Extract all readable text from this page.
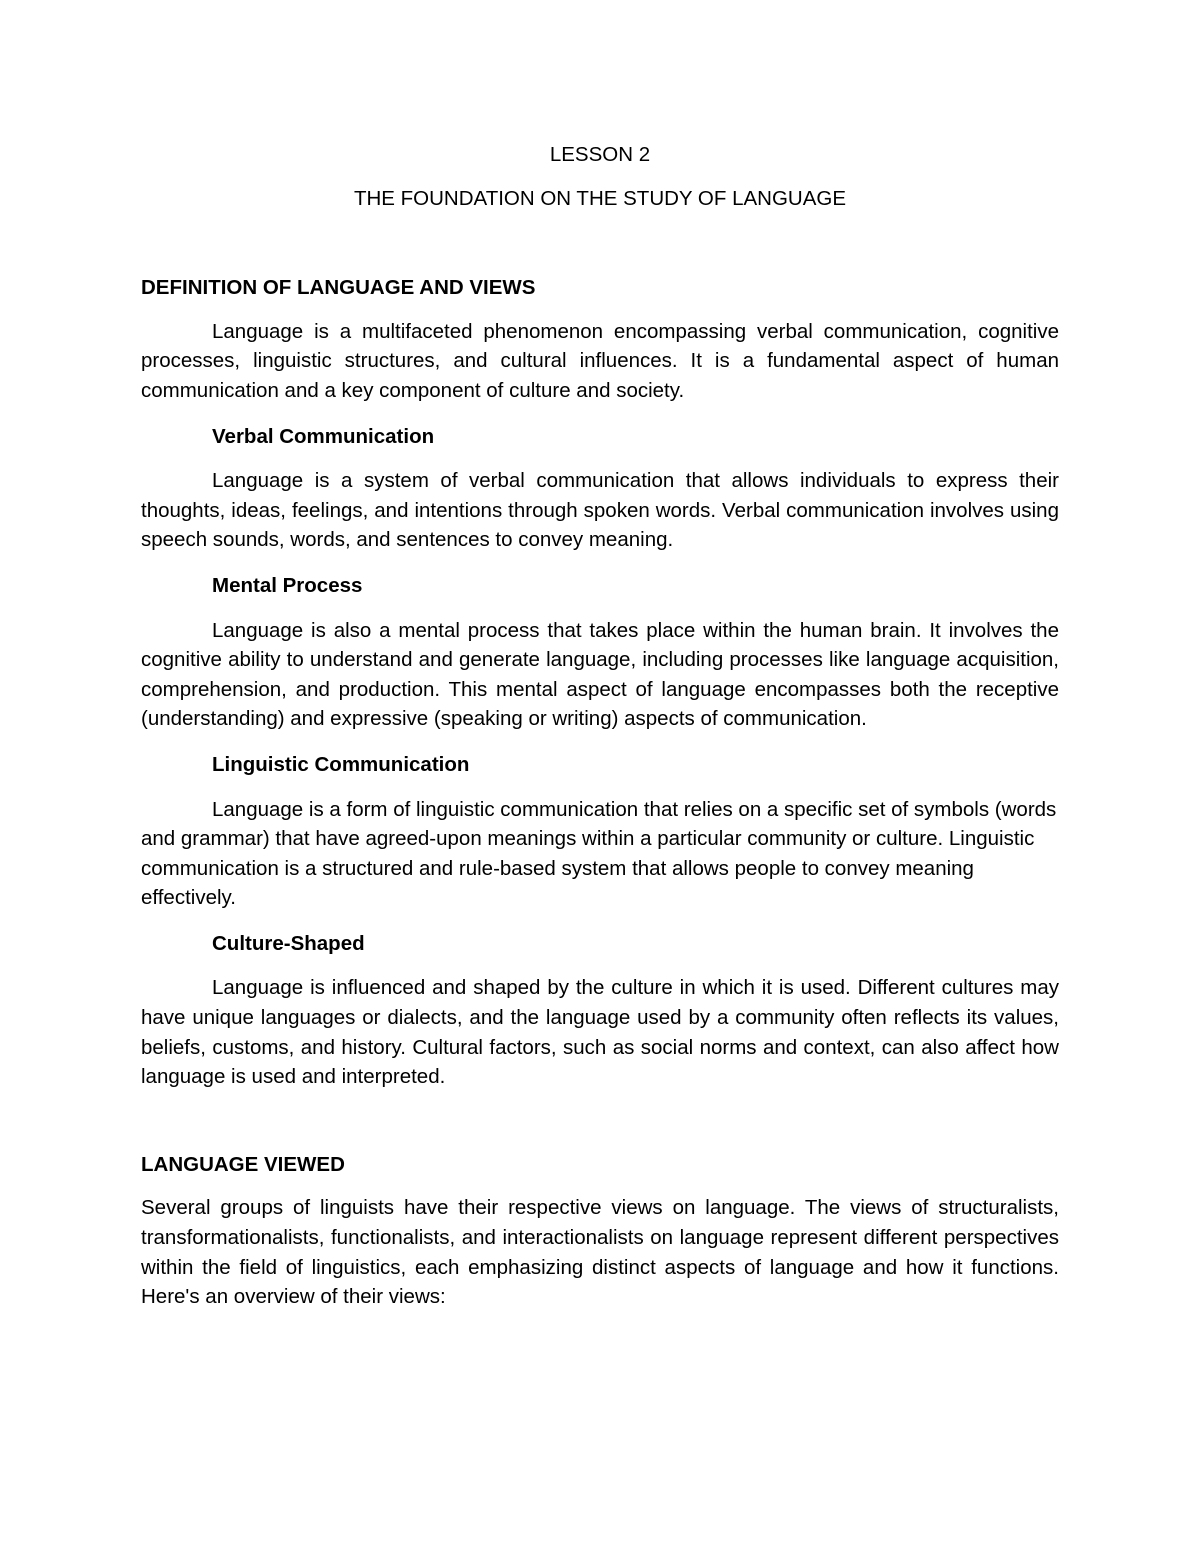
LESSON 2

THE FOUNDATION ON THE STUDY OF LANGUAGE

DEFINITION OF LANGUAGE AND VIEWS

Language is a multifaceted phenomenon encompassing verbal communication, cognitive processes, linguistic structures, and cultural influences. It is a fundamental aspect of human communication and a key component of culture and society.

Verbal Communication

Language is a system of verbal communication that allows individuals to express their thoughts, ideas, feelings, and intentions through spoken words. Verbal communication involves using speech sounds, words, and sentences to convey meaning.

Mental Process

Language is also a mental process that takes place within the human brain. It involves the cognitive ability to understand and generate language, including processes like language acquisition, comprehension, and production. This mental aspect of language encompasses both the receptive (understanding) and expressive (speaking or writing) aspects of communication.

Linguistic Communication

Language is a form of linguistic communication that relies on a specific set of symbols (words and grammar) that have agreed-upon meanings within a particular community or culture. Linguistic communication is a structured and rule-based system that allows people to convey meaning effectively.

Culture-Shaped

Language is influenced and shaped by the culture in which it is used. Different cultures may have unique languages or dialects, and the language used by a community often reflects its values, beliefs, customs, and history. Cultural factors, such as social norms and context, can also affect how language is used and interpreted.

LANGUAGE VIEWED

Several groups of linguists have their respective views on language. The views of structuralists, transformationalists, functionalists, and interactionalists on language represent different perspectives within the field of linguistics, each emphasizing distinct aspects of language and how it functions. Here's an overview of their views:
